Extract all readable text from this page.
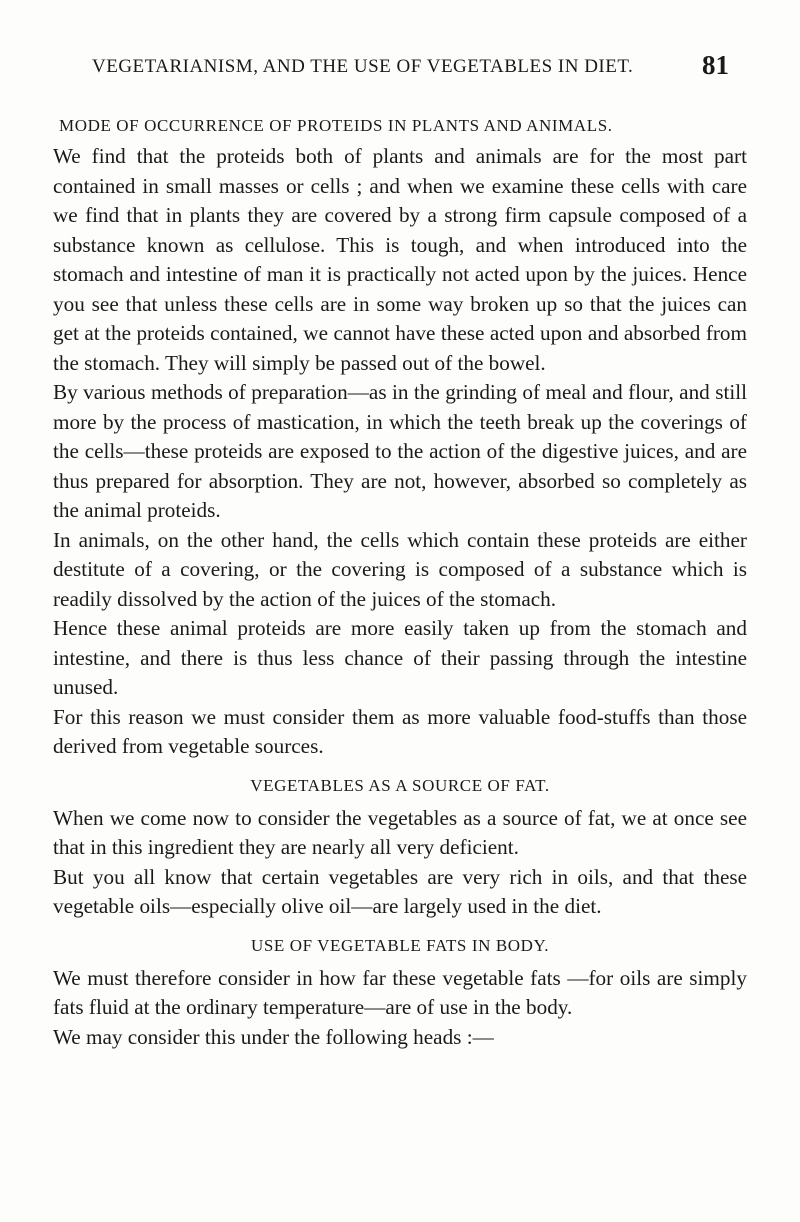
VEGETARIANISM, AND THE USE OF VEGETABLES IN DIET.	81
MODE OF OCCURRENCE OF PROTEIDS IN PLANTS AND ANIMALS.

We find that the proteids both of plants and animals are for the most part contained in small masses or cells ; and when we examine these cells with care we find that in plants they are covered by a strong firm capsule composed of a substance known as cellulose. This is tough, and when introduced into the stomach and intestine of man it is practically not acted upon by the juices. Hence you see that unless these cells are in some way broken up so that the juices can get at the proteids contained, we cannot have these acted upon and absorbed from the stomach. They will simply be passed out of the bowel.

By various methods of preparation—as in the grinding of meal and flour, and still more by the process of mastication, in which the teeth break up the coverings of the cells—these proteids are exposed to the action of the digestive juices, and are thus prepared for absorption. They are not, however, absorbed so completely as the animal proteids.

In animals, on the other hand, the cells which contain these proteids are either destitute of a covering, or the covering is composed of a substance which is readily dissolved by the action of the juices of the stomach.

Hence these animal proteids are more easily taken up from the stomach and intestine, and there is thus less chance of their passing through the intestine unused.

For this reason we must consider them as more valuable food-stuffs than those derived from vegetable sources.

VEGETABLES AS A SOURCE OF FAT.

When we come now to consider the vegetables as a source of fat, we at once see that in this ingredient they are nearly all very deficient.

But you all know that certain vegetables are very rich in oils, and that these vegetable oils—especially olive oil—are largely used in the diet.

USE OF VEGETABLE FATS IN BODY.

We must therefore consider in how far these vegetable fats —for oils are simply fats fluid at the ordinary temperature—are of use in the body.

We may consider this under the following heads :—
